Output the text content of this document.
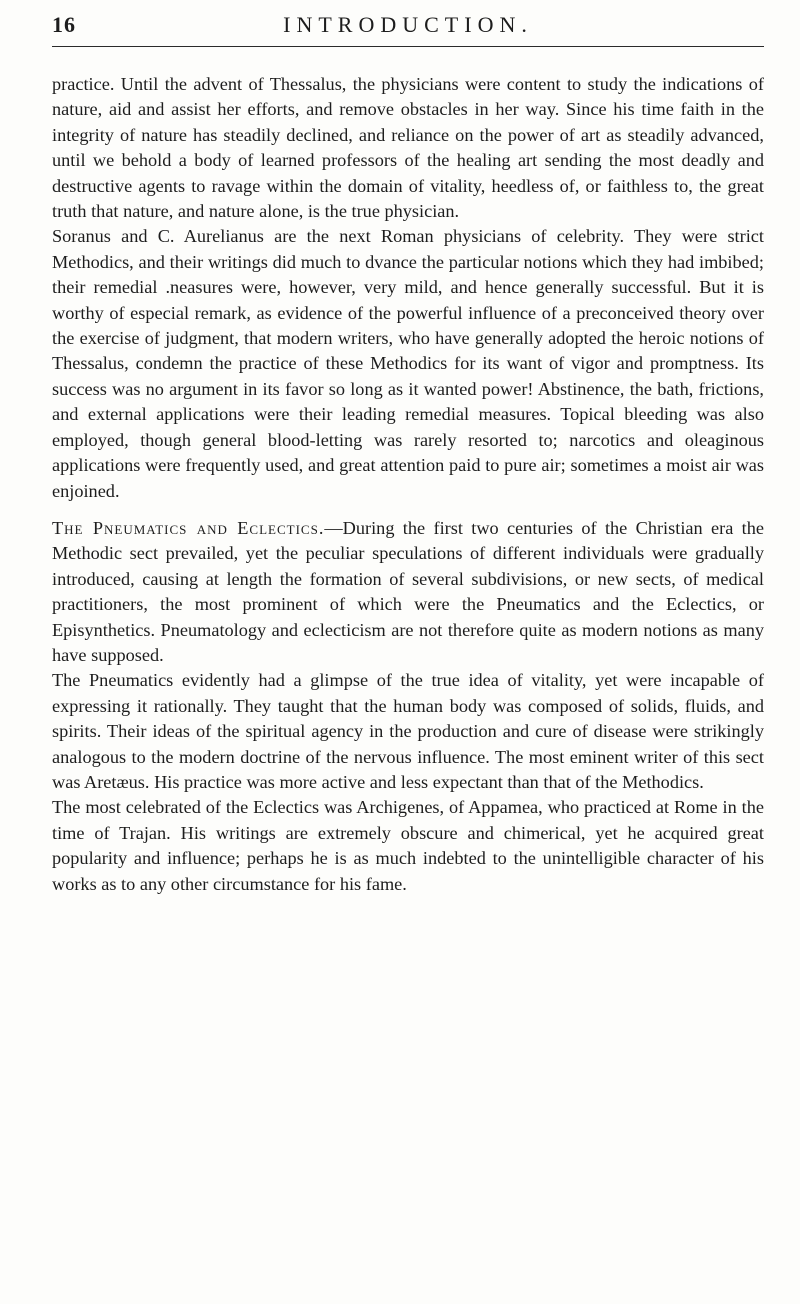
16	INTRODUCTION.

practice. Until the advent of Thessalus, the physicians were content to study the indications of nature, aid and assist her efforts, and remove obstacles in her way. Since his time faith in the integrity of nature has steadily declined, and reliance on the power of art as steadily advanced, until we behold a body of learned professors of the healing art sending the most deadly and destructive agents to ravage within the domain of vitality, heedless of, or faithless to, the great truth that nature, and nature alone, is the true physician.

Soranus and C. Aurelianus are the next Roman physicians of celebrity. They were strict Methodics, and their writings did much to dvance the particular notions which they had imbibed; their remedial .neasures were, however, very mild, and hence generally successful. But it is worthy of especial remark, as evidence of the powerful influence of a preconceived theory over the exercise of judgment, that modern writers, who have generally adopted the heroic notions of Thessalus, condemn the practice of these Methodics for its want of vigor and promptness. Its success was no argument in its favor so long as it wanted power! Abstinence, the bath, frictions, and external applications were their leading remedial measures. Topical bleeding was also employed, though general blood-letting was rarely resorted to; narcotics and oleaginous applications were frequently used, and great attention paid to pure air; sometimes a moist air was enjoined.

The Pneumatics and Eclectics.—During the first two centuries of the Christian era the Methodic sect prevailed, yet the peculiar speculations of different individuals were gradually introduced, causing at length the formation of several subdivisions, or new sects, of medical practitioners, the most prominent of which were the Pneumatics and the Eclectics, or Episynthetics. Pneumatology and eclecticism are not therefore quite as modern notions as many have supposed.

The Pneumatics evidently had a glimpse of the true idea of vitality, yet were incapable of expressing it rationally. They taught that the human body was composed of solids, fluids, and spirits. Their ideas of the spiritual agency in the production and cure of disease were strikingly analogous to the modern doctrine of the nervous influence. The most eminent writer of this sect was Aretæus. His practice was more active and less expectant than that of the Methodics.

The most celebrated of the Eclectics was Archigenes, of Appamea, who practiced at Rome in the time of Trajan. His writings are extremely obscure and chimerical, yet he acquired great popularity and influence; perhaps he is as much indebted to the unintelligible character of his works as to any other circumstance for his fame.
